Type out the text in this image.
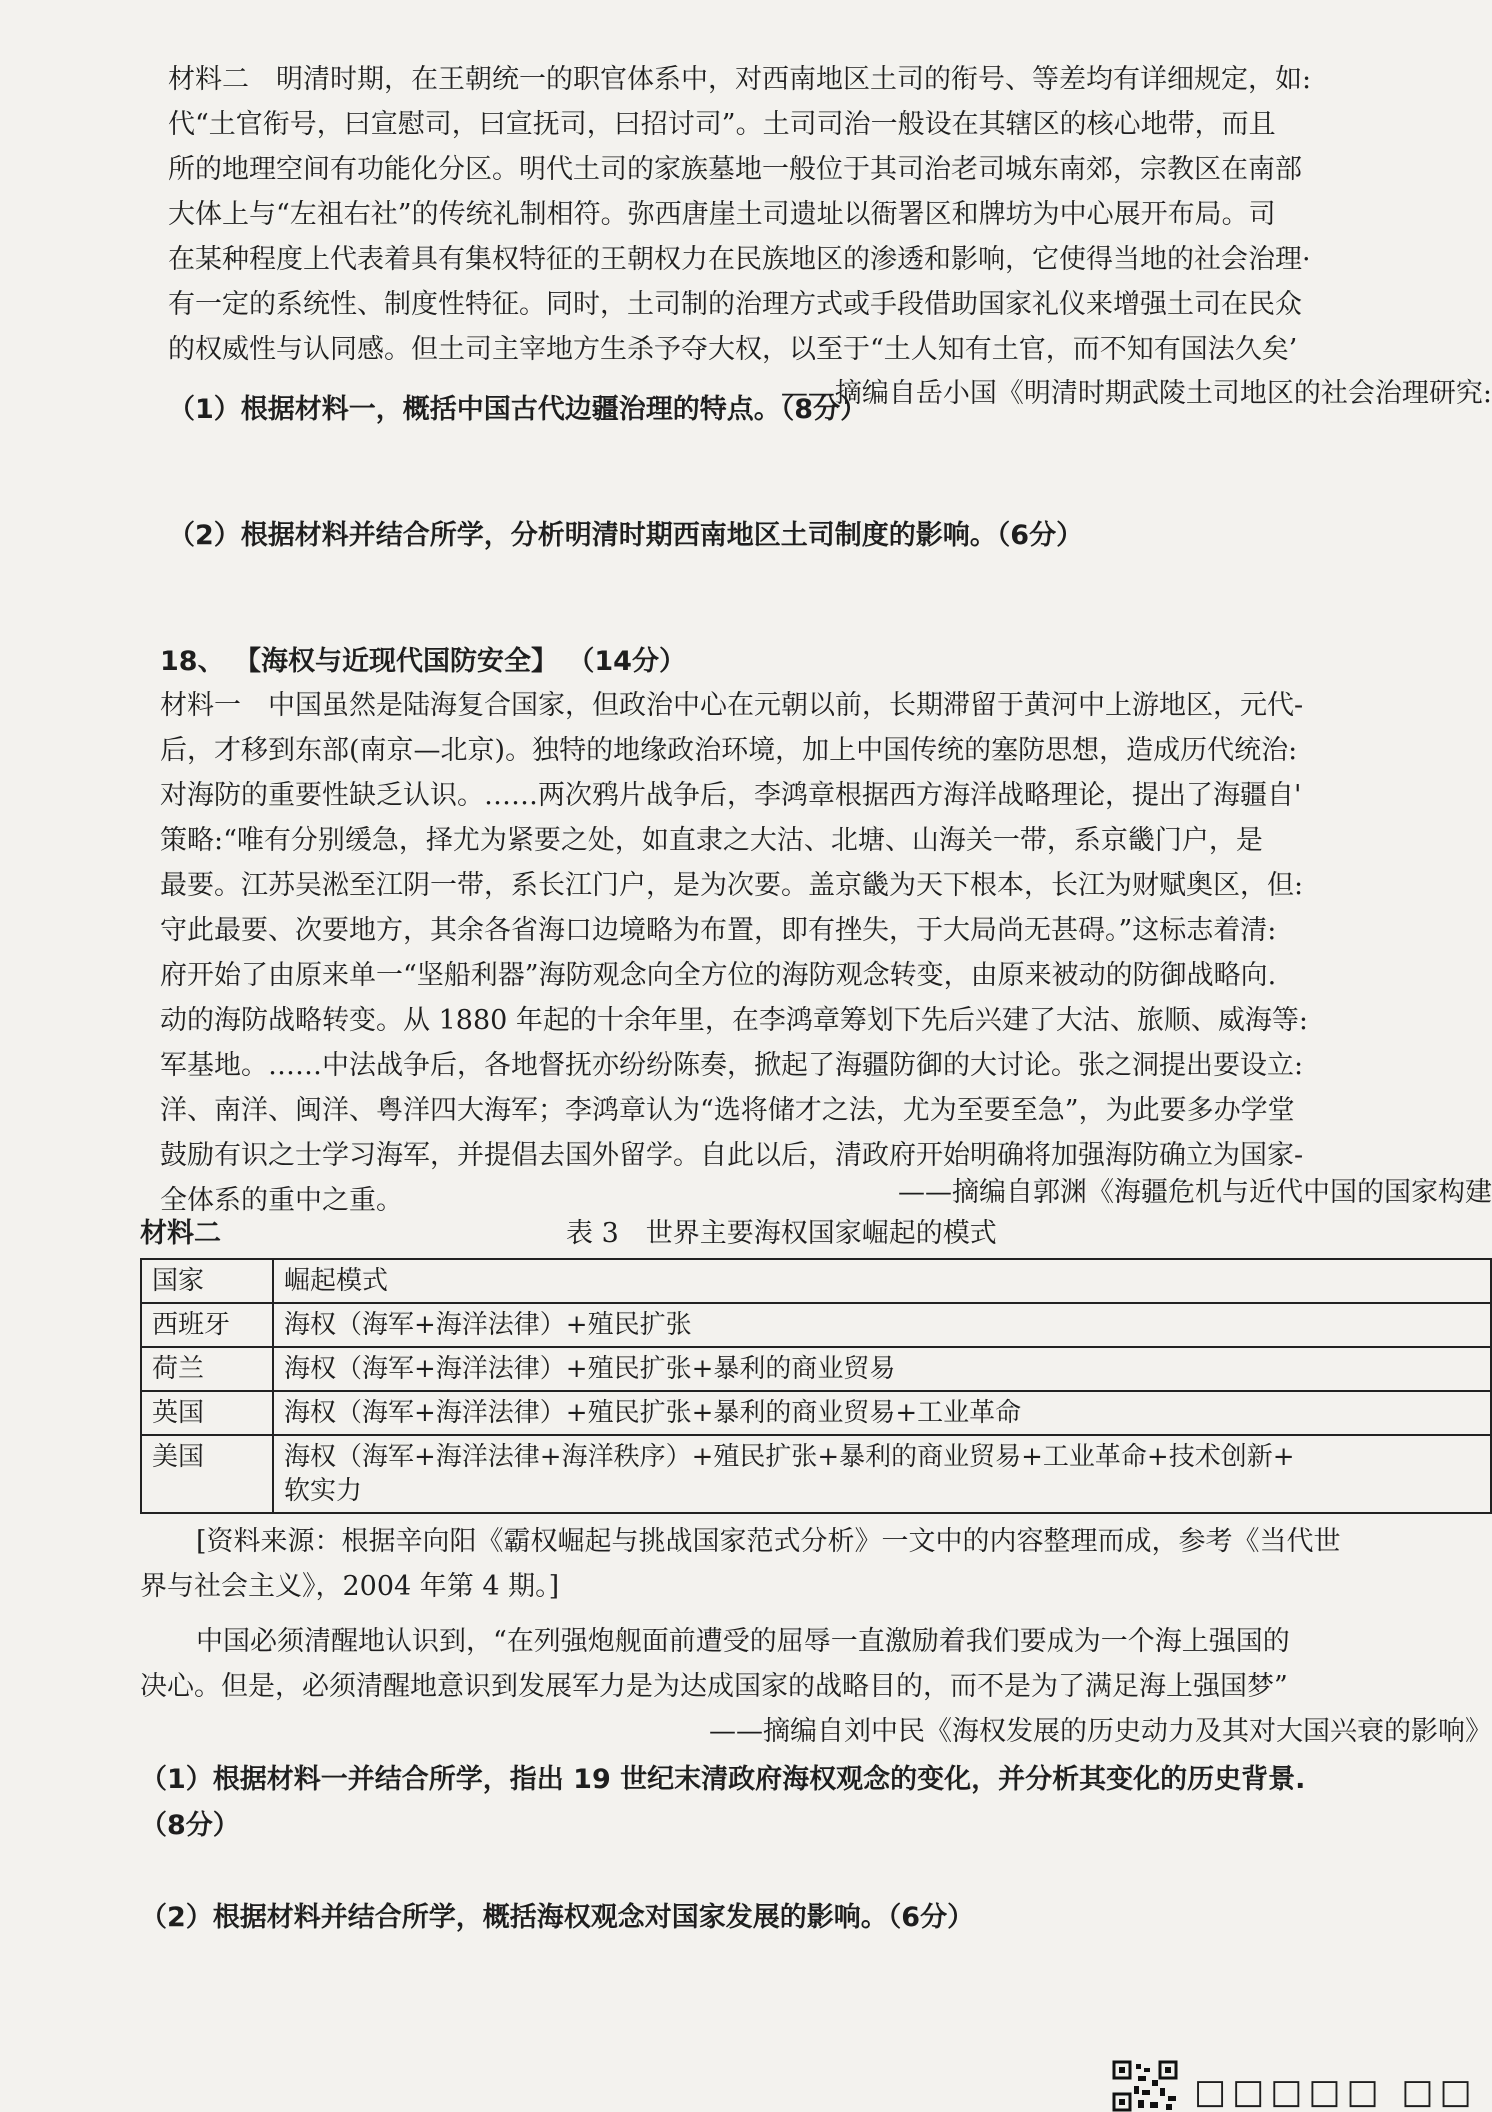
材料二　明清时期，在王朝统一的职官体系中，对西南地区土司的衔号、等差均有详细规定，如:
代“土官衔号，曰宣慰司，曰宣抚司，曰招讨司”。土司司治一般设在其辖区的核心地带，而且
所的地理空间有功能化分区。明代土司的家族墓地一般位于其司治老司城东南郊，宗教区在南部
大体上与“左祖右社”的传统礼制相符。弥西唐崖土司遗址以衙署区和牌坊为中心展开布局。司
在某种程度上代表着具有集权特征的王朝权力在民族地区的渗透和影响，它使得当地的社会治理·
有一定的系统性、制度性特征。同时，土司制的治理方式或手段借助国家礼仪来增强土司在民众
的权威性与认同感。但土司主宰地方生杀予夺大权，以至于“土人知有土官，而不知有国法久矣’
——摘编自岳小国《明清时期武陵土司地区的社会治理研究:
（1）根据材料一，概括中国古代边疆治理的特点。（8分）
（2）根据材料并结合所学，分析明清时期西南地区土司制度的影响。（6分）
18、 【海权与近现代国防安全】 （14分）
材料一　中国虽然是陆海复合国家，但政治中心在元朝以前，长期滞留于黄河中上游地区，元代-
后，才移到东部(南京—北京)。独特的地缘政治环境，加上中国传统的塞防思想，造成历代统治:
对海防的重要性缺乏认识。……两次鸦片战争后，李鸿章根据西方海洋战略理论，提出了海疆自'
策略:“唯有分别缓急，择尤为紧要之处，如直隶之大沽、北塘、山海关一带，系京畿门户，是
最要。江苏吴淞至江阴一带，系长江门户，是为次要。盖京畿为天下根本，长江为财赋奥区，但:
守此最要、次要地方，其余各省海口边境略为布置，即有挫失，于大局尚无甚碍。”这标志着清:
府开始了由原来单一“坚船利器”海防观念向全方位的海防观念转变，由原来被动的防御战略向.
动的海防战略转变。从 1880 年起的十余年里，在李鸿章筹划下先后兴建了大沽、旅顺、威海等:
军基地。……中法战争后，各地督抚亦纷纷陈奏，掀起了海疆防御的大讨论。张之洞提出要设立:
洋、南洋、闽洋、粤洋四大海军；李鸿章认为“选将储才之法，尤为至要至急”，为此要多办学堂
鼓励有识之士学习海军，并提倡去国外留学。自此以后，清政府开始明确将加强海防确立为国家-
全体系的重中之重。	——摘编自郭渊《海疆危机与近代中国的国家构建
材料二	表 3　世界主要海权国家崛起的模式
国家	崛起模式
西班牙	海权（海军+海洋法律）+殖民扩张
荷兰	海权（海军+海洋法律）+殖民扩张+暴利的商业贸易
英国	海权（海军+海洋法律）+殖民扩张+暴利的商业贸易+工业革命
美国	海权（海军+海洋法律+海洋秩序）+殖民扩张+暴利的商业贸易+工业革命+技术创新+
软实力
[资料来源：根据辛向阳《霸权崛起与挑战国家范式分析》一文中的内容整理而成，参考《当代世
界与社会主义》，2004 年第 4 期。]
中国必须清醒地认识到，“在列强炮舰面前遭受的屈辱一直激励着我们要成为一个海上强国的
决心。但是，必须清醒地意识到发展军力是为达成国家的战略目的，而不是为了满足海上强国梦”
——摘编自刘中民《海权发展的历史动力及其对大国兴衰的影响》
（1）根据材料一并结合所学，指出 19 世纪末清政府海权观念的变化，并分析其变化的历史背景.
（8分）
（2）根据材料并结合所学，概括海权观念对国家发展的影响。（6分）
□□□□□ □□
